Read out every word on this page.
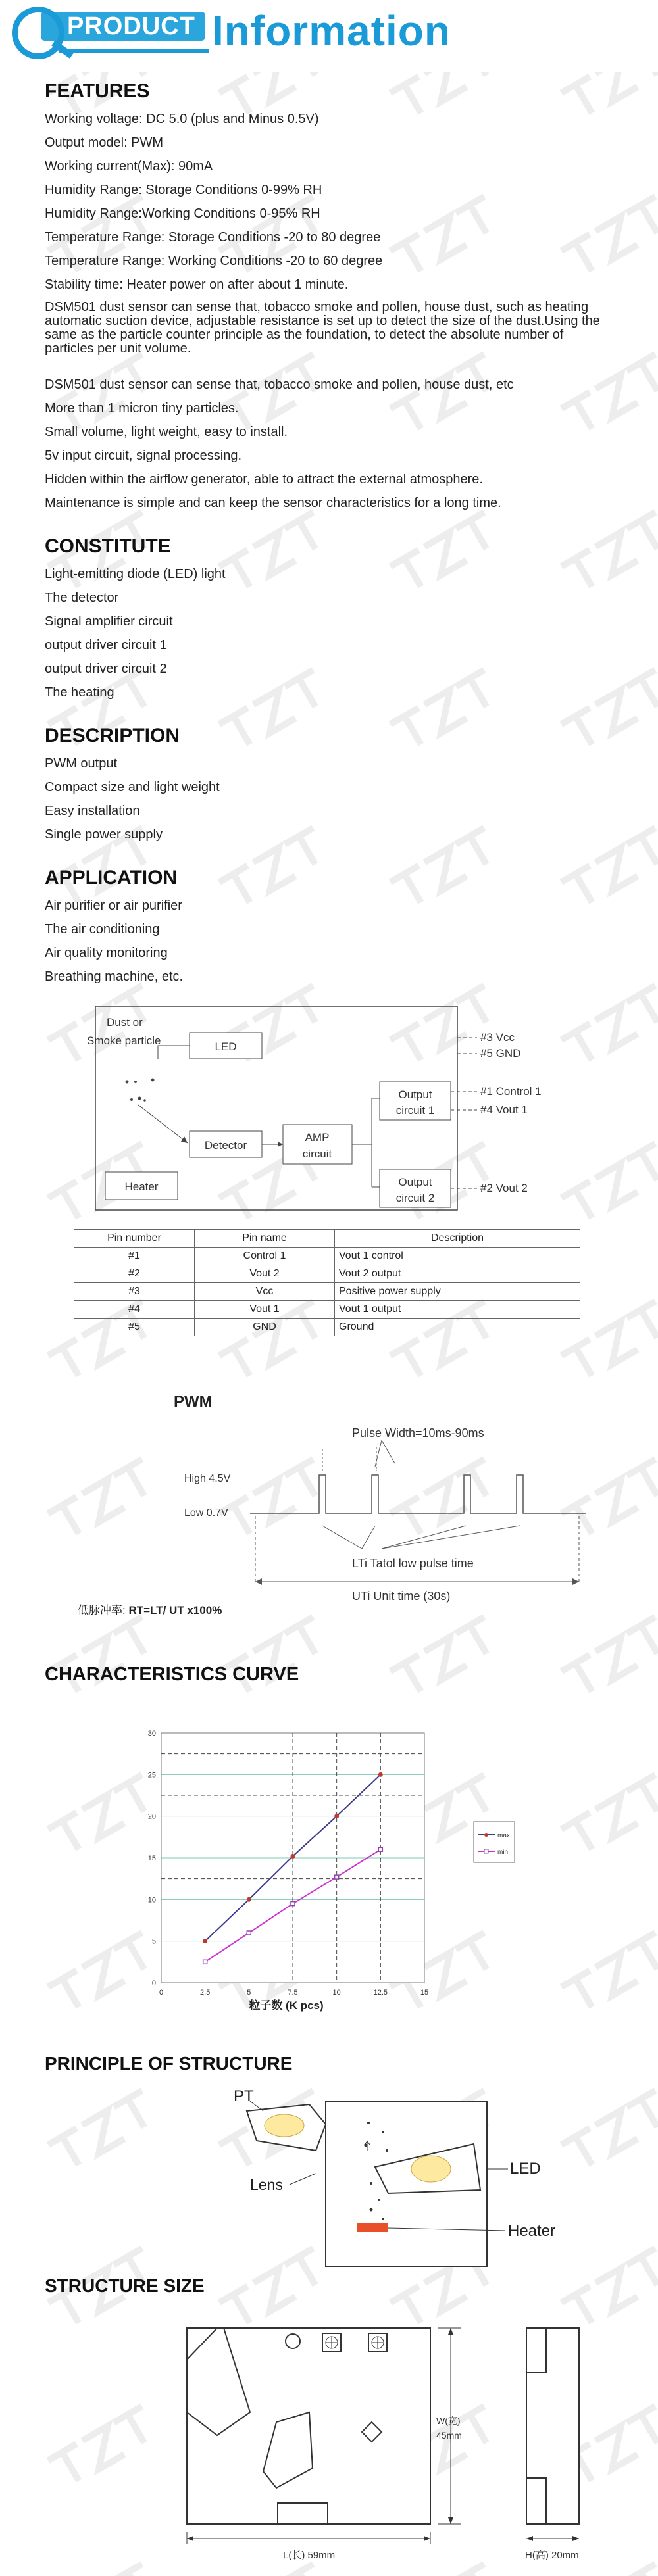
PRODUCT Information
FEATURES
Working voltage: DC 5.0 (plus and Minus 0.5V)
Output model: PWM
Working current(Max): 90mA
Humidity Range: Storage Conditions 0-99% RH
Humidity Range:Working Conditions 0-95% RH
Temperature Range: Storage Conditions -20 to 80 degree
Temperature Range: Working Conditions -20 to 60 degree
Stability time: Heater power on after about 1 minute.
DSM501 dust sensor can sense that, tobacco smoke and pollen, house dust, such as heating automatic suction device, adjustable resistance is set up to detect the size of the dust.Using the same as the particle counter principle as the foundation, to detect the absolute number of particles per unit volume.
DSM501 dust sensor can sense that, tobacco smoke and pollen, house dust, etc
More than 1 micron tiny particles.
Small volume, light weight, easy to install.
5v input circuit, signal processing.
Hidden within the airflow generator, able to attract the external atmosphere.
Maintenance is simple and can keep the sensor characteristics for a long time.
CONSTITUTE
Light-emitting diode (LED) light
The detector
Signal amplifier circuit
output driver circuit 1
output driver circuit 2
The heating
DESCRIPTION
PWM output
Compact size and light weight
Easy installation
Single power supply
APPLICATION
Air purifier or air purifier
The air conditioning
Air quality monitoring
Breathing machine, etc.
Dust or
Smoke particle	LED
Detector
AMP
circuit
Output
circuit 1
Output
circuit 2
Heater
#3 Vcc
#5 GND
#1 Control 1
#4 Vout 1
#2 Vout 2
Pin number	Pin name	Description
#1	Control 1	Vout 1 control
#2	Vout 2	Vout 2 output
#3	Vcc	Positive power supply
#4	Vout 1	Vout 1 output
#5	GND	Ground
PWM
Pulse Width=10ms-90ms
High 4.5V
Low 0.7V
LTi Tatol low pulse time
UTi Unit time (30s)
低脉冲率: RT=LT/ UT x100%
CHARACTERISTICS CURVE
0
5
10
15
20
25
30
0	2.5	5	7.5	10	12.5	15
粒子数 (K pcs)
max
min
PRINCIPLE OF STRUCTURE
PT
Lens
LED
Heater
STRUCTURE SIZE
L(长) 59mm
W(宽)
45mm
H(高) 20mm
